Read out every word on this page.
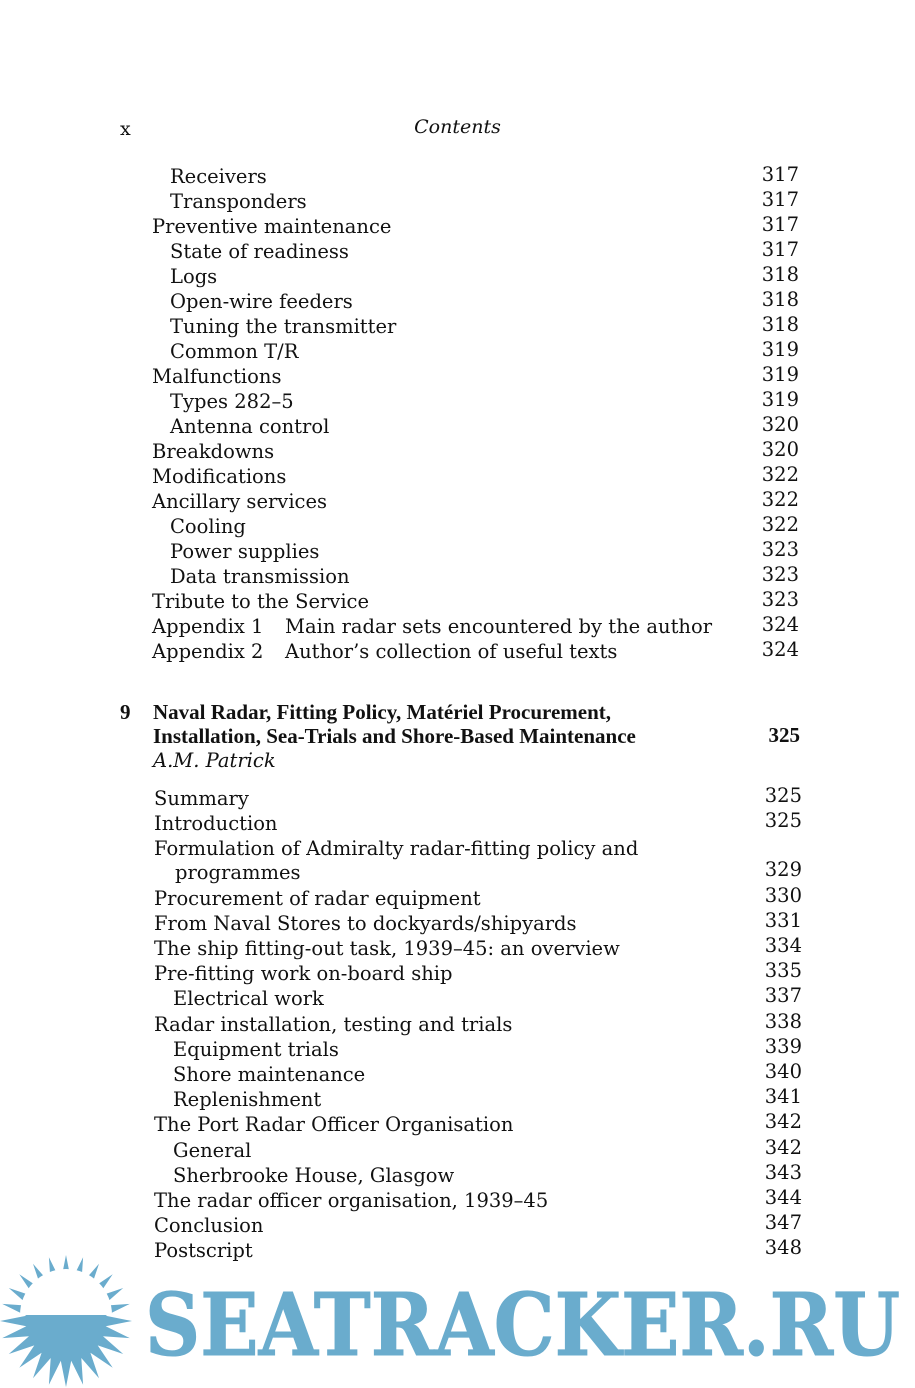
x	Contents
Receivers	317
Transponders	317
Preventive maintenance	317
State of readiness	317
Logs	318
Open-wire feeders	318
Tuning the transmitter	318
Common T/R	319
Malfunctions	319
Types 282–5	319
Antenna control	320
Breakdowns	320
Modifications	322
Ancillary services	322
Cooling	322
Power supplies	323
Data transmission	323
Tribute to the Service	323
Appendix 1 Main radar sets encountered by the author	324
Appendix 2 Author’s collection of useful texts	324
9 Naval Radar, Fitting Policy, Matériel Procurement,
Installation, Sea-Trials and Shore-Based Maintenance	325
A.M. Patrick
Summary	325
Introduction	325
Formulation of Admiralty radar-fitting policy and
programmes	329
Procurement of radar equipment	330
From Naval Stores to dockyards/shipyards	331
The ship fitting-out task, 1939–45: an overview	334
Pre-fitting work on-board ship	335
Electrical work	337
Radar installation, testing and trials	338
Equipment trials	339
Shore maintenance	340
Replenishment	341
The Port Radar Officer Organisation	342
General	342
Sherbrooke House, Glasgow	343
The radar officer organisation, 1939–45	344
Conclusion	347
Postscript	348
SEATRACKER.RU
